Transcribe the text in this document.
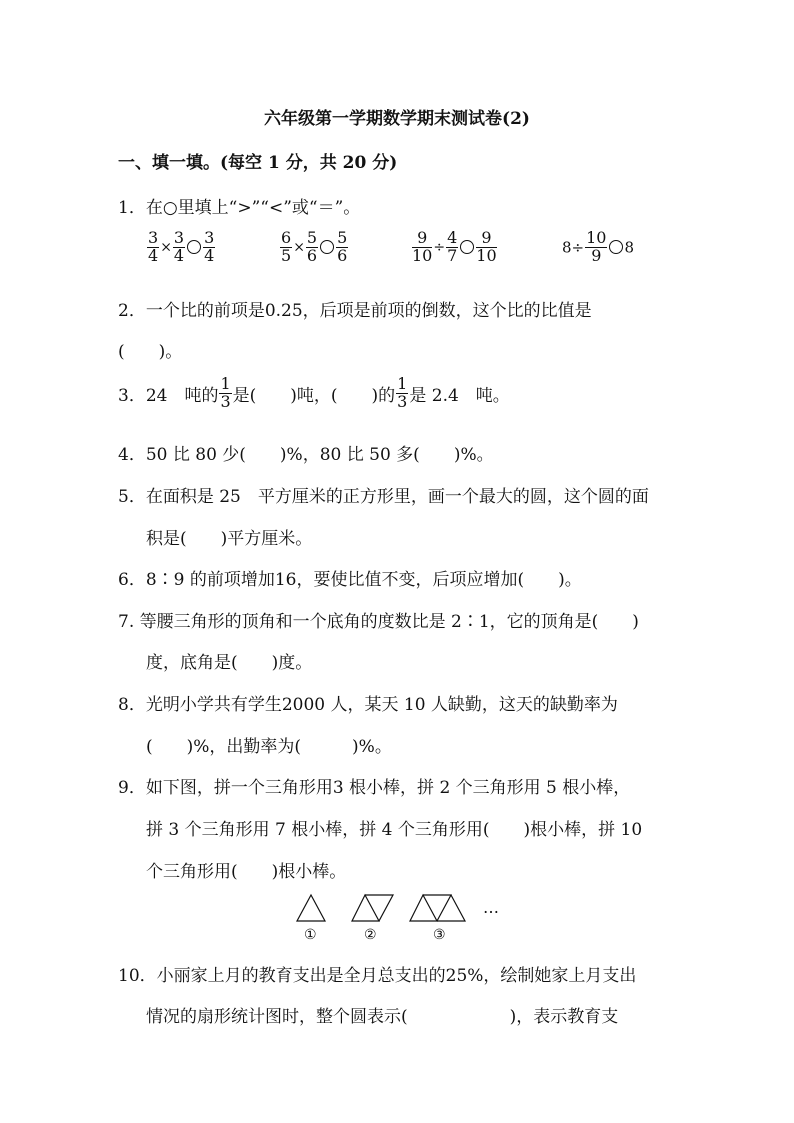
六年级第一学期数学期末测试卷(2)
一、填一填。(每空 1 分，共 20 分)
1．在○里填上“>”“<”或“＝”。
$\frac{3}{4} \times \frac{3}{4} \frac{3}{4}$	$\frac{6}{5} \times \frac{5}{6} \frac{5}{6}$	$\frac{9}{10} \div \frac{4}{7} \frac{9}{10}$	$8\div \frac{10}{9} 8$
2．一个比的前项是0.25，后项是前项的倒数，这个比的比值是
(　　)。
3．24　吨的 $\frac{1}{3}$ 是(　　)吨，(　　)的 $\frac{1}{3}$ 是 2.4　吨。
4．50 比 80 少(　　)%，80 比 50 多(　　)%。
5．在面积是 25　平方厘米的正方形里，画一个最大的圆，这个圆的面
积是(　　)平方厘米。
6．8∶9 的前项增加16，要使比值不变，后项应增加(　　)。
7. 等腰三角形的顶角和一个底角的度数比是 2∶1，它的顶角是(　　)
度，底角是(　　)度。
8．光明小学共有学生2000 人，某天 10 人缺勤，这天的缺勤率为
(　　)%，出勤率为(　　　)%。
9．如下图，拼一个三角形用3 根小棒，拼 2 个三角形用 5 根小棒，
拼 3 个三角形用 7 根小棒，拼 4 个三角形用(　　)根小棒，拼 10
个三角形用(　　)根小棒。
…
①	②	③
10．小丽家上月的教育支出是全月总支出的25%，绘制她家上月支出
情况的扇形统计图时，整个圆表示(　　　　　　)，表示教育支
